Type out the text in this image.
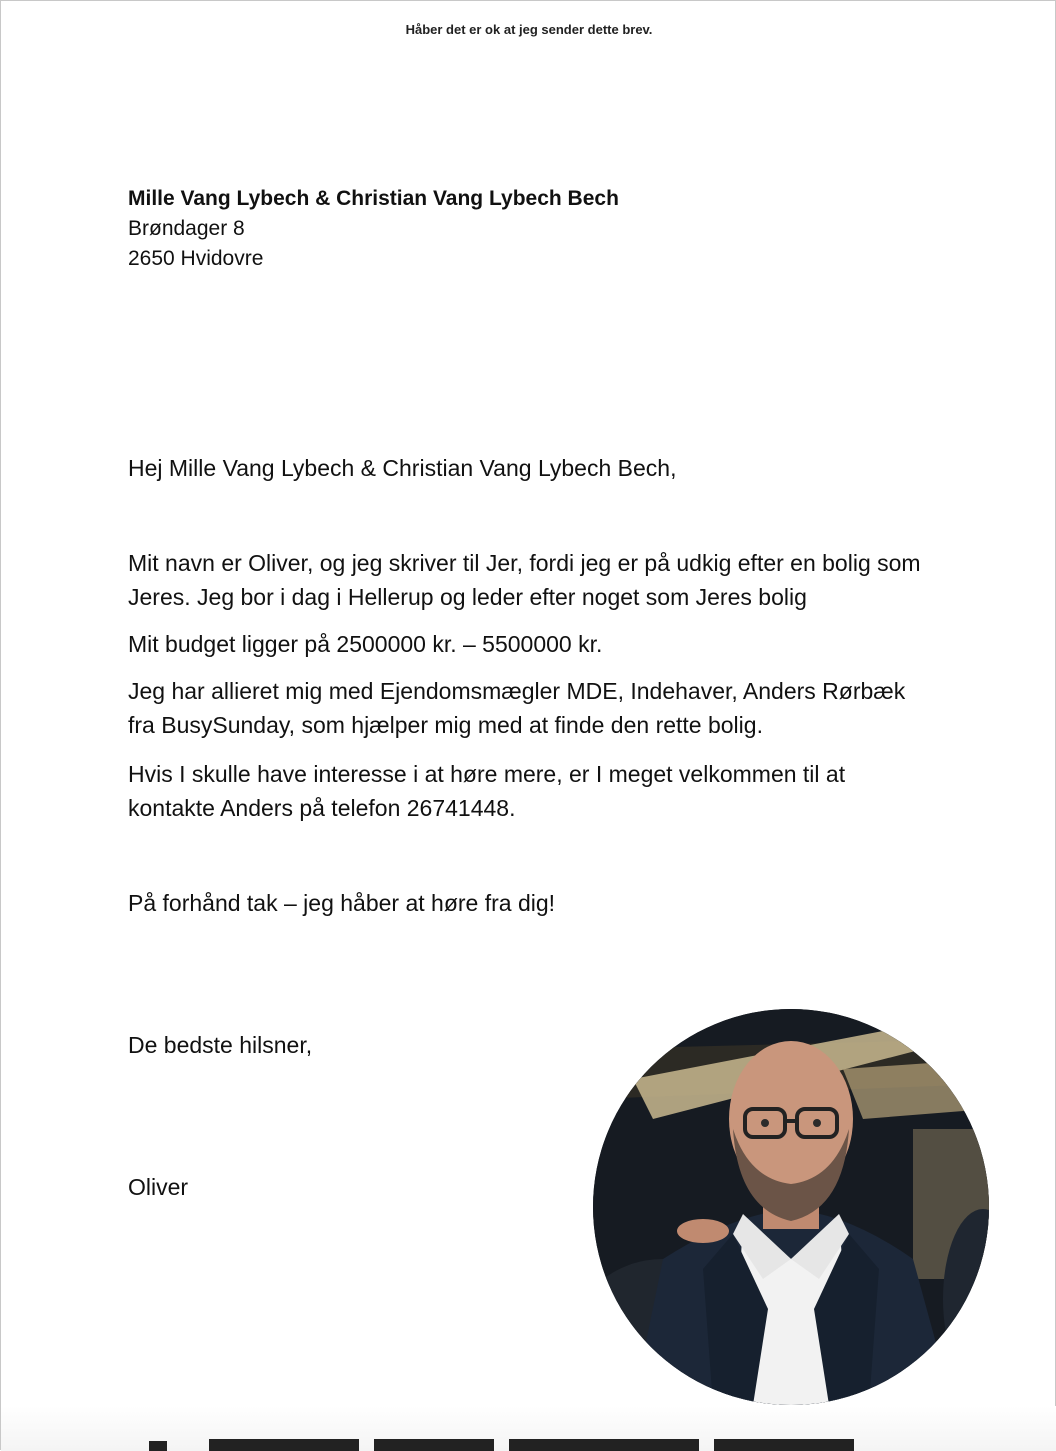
Håber det er ok at jeg sender dette brev.
Mille Vang Lybech & Christian Vang Lybech Bech
Brøndager 8
2650 Hvidovre
Hej Mille Vang Lybech & Christian Vang Lybech Bech,
Mit navn er Oliver, og jeg skriver til Jer, fordi jeg er på udkig efter en bolig som Jeres. Jeg bor i dag i Hellerup og leder efter noget som Jeres bolig
Mit budget ligger på 2500000 kr. – 5500000 kr.
Jeg har allieret mig med Ejendomsmægler MDE, Indehaver, Anders Rørbæk fra BusySunday, som hjælper mig med at finde den rette bolig.
Hvis I skulle have interesse i at høre mere, er I meget velkommen til at kontakte Anders på telefon 26741448.
På forhånd tak – jeg håber at høre fra dig!
De bedste hilsner,
Oliver
